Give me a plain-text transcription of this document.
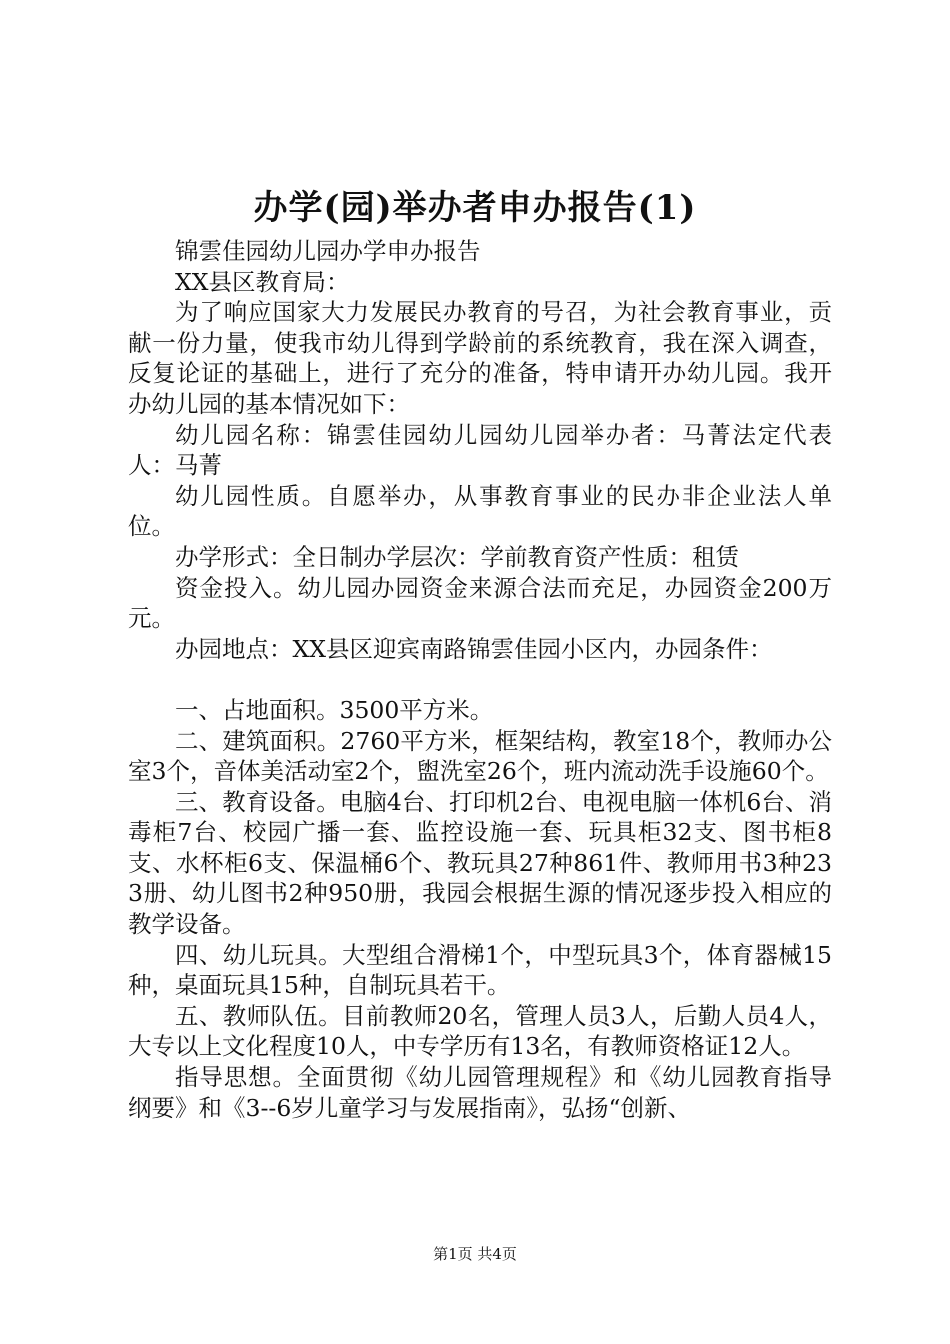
办学(园)举办者申办报告(1)

锦雲佳园幼儿园办学申办报告

XX县区教育局：

为了响应国家大力发展民办教育的号召，为社会教育事业，贡献一份力量，使我市幼儿得到学龄前的系统教育，我在深入调查，反复论证的基础上，进行了充分的准备，特申请开办幼儿园。我开办幼儿园的基本情况如下：

幼儿园名称：锦雲佳园幼儿园幼儿园举办者：马菁法定代表人：马菁

幼儿园性质。自愿举办，从事教育事业的民办非企业法人单位。

办学形式：全日制办学层次：学前教育资产性质：租赁

资金投入。幼儿园办园资金来源合法而充足，办园资金200万元。

办园地点：XX县区迎宾南路锦雲佳园小区内，办园条件：

一、占地面积。3500平方米。

二、建筑面积。2760平方米，框架结构，教室18个，教师办公室3个，音体美活动室2个，盥洗室26个，班内流动洗手设施60个。

三、教育设备。电脑4台、打印机2台、电视电脑一体机6台、消毒柜7台、校园广播一套、监控设施一套、玩具柜32支、图书柜8支、水杯柜6支、保温桶6个、教玩具27种861件、教师用书3种233册、幼儿图书2种950册，我园会根据生源的情况逐步投入相应的教学设备。

四、幼儿玩具。大型组合滑梯1个，中型玩具3个，体育器械15种，桌面玩具15种，自制玩具若干。

五、教师队伍。目前教师20名，管理人员3人，后勤人员4人，大专以上文化程度10人，中专学历有13名，有教师资格证12人。

指导思想。全面贯彻《幼儿园管理规程》和《幼儿园教育指导纲要》和《3--6岁儿童学习与发展指南》，弘扬“创新、

第1页 共4页
